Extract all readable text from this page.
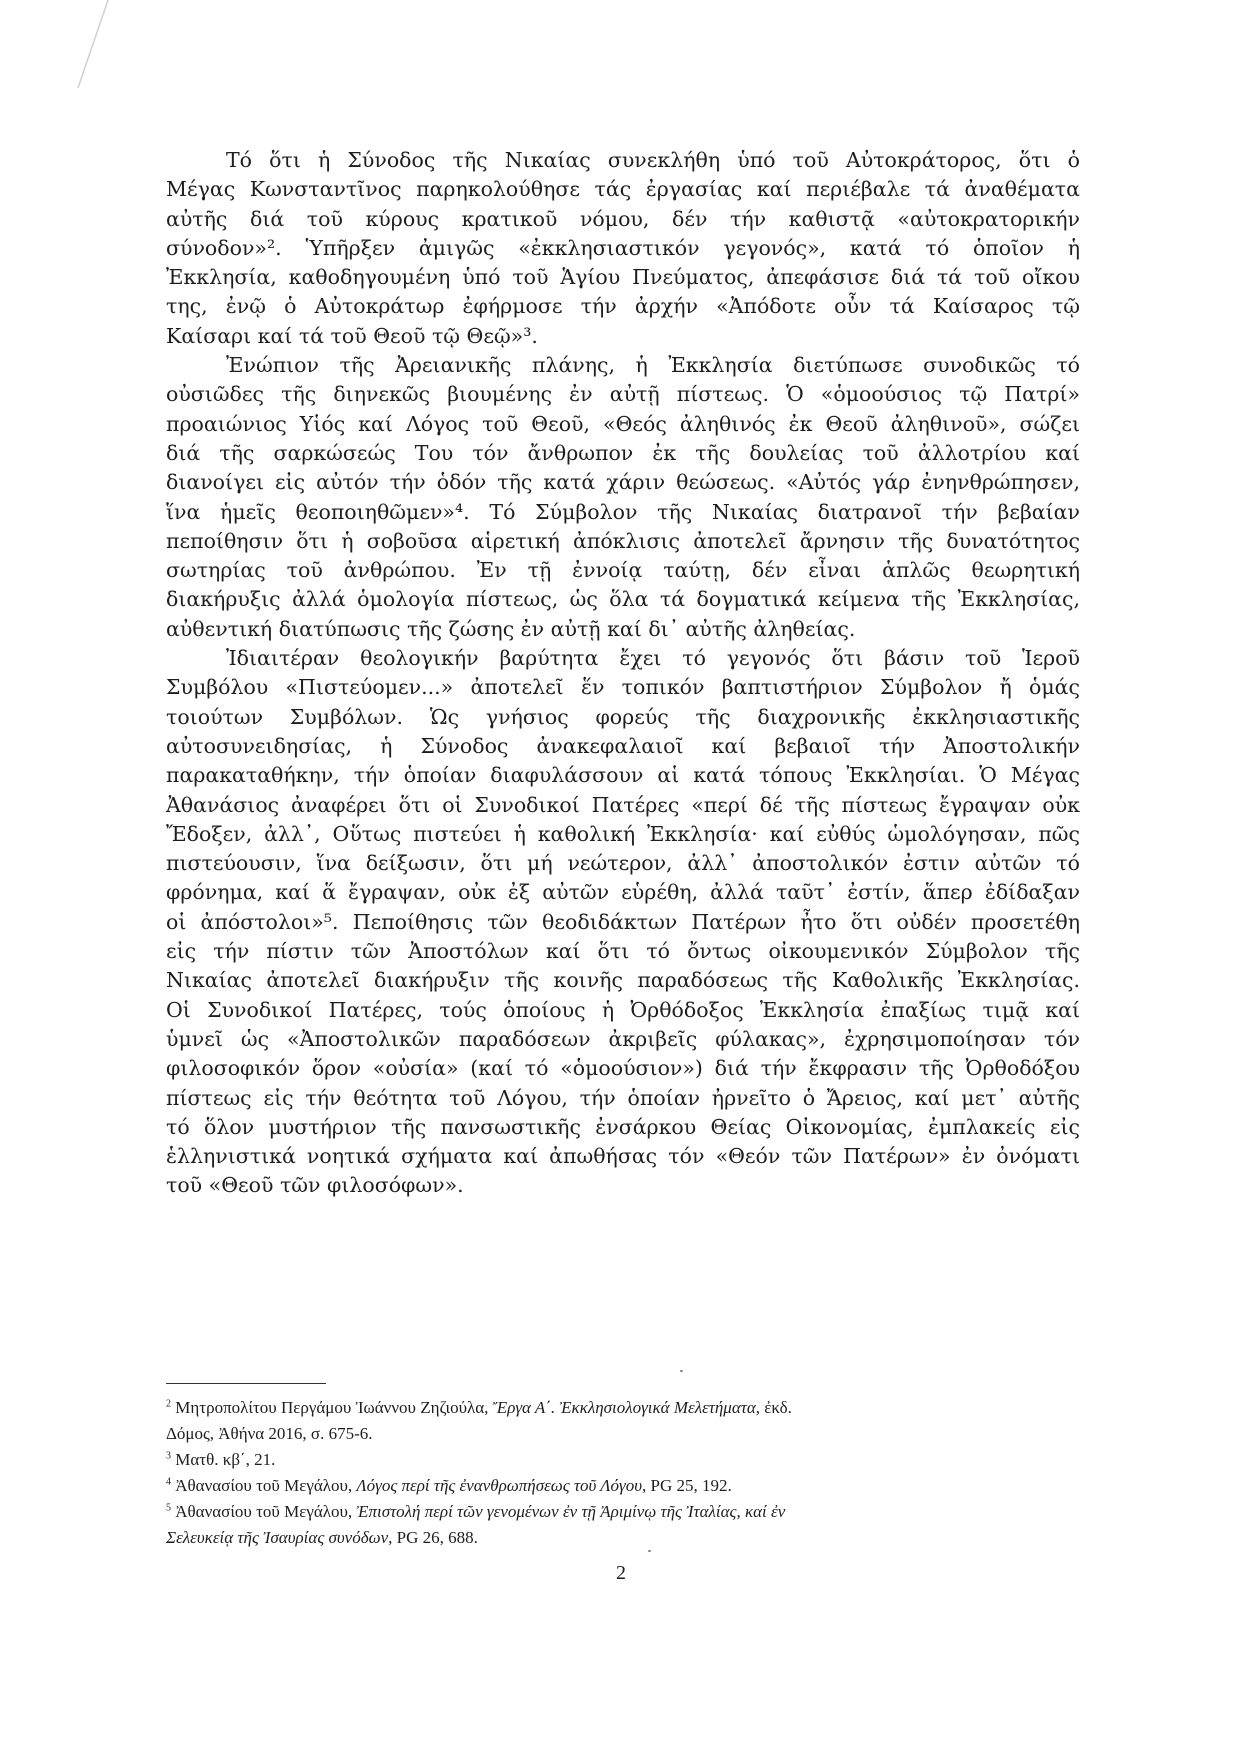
Τό ὅτι ἡ Σύνοδος τῆς Νικαίας συνεκλήθη ὑπό τοῦ Αὐτοκράτορος, ὅτι ὁ
Μέγας Κωνσταντῖνος παρηκολούθησε τάς ἐργασίας καί περιέβαλε τά ἀναθέματα
αὐτῆς διά τοῦ κύρους κρατικοῦ νόμου, δέν τήν καθιστᾷ «αὐτοκρατορικήν
σύνοδον»². Ὑπῆρξεν ἀμιγῶς «ἐκκλησιαστικόν γεγονός», κατά τό ὁποῖον ἡ
Ἐκκλησία, καθοδηγουμένη ὑπό τοῦ Ἁγίου Πνεύματος, ἀπεφάσισε διά τά τοῦ οἴκου
της, ἐνῷ ὁ Αὐτοκράτωρ ἐφήρμοσε τήν ἀρχήν «Ἀπόδοτε οὖν τά Καίσαρος τῷ
Καίσαρι καί τά τοῦ Θεοῦ τῷ Θεῷ»³.
Ἐνώπιον τῆς Ἀρειανικῆς πλάνης, ἡ Ἐκκλησία διετύπωσε συνοδικῶς τό
οὐσιῶδες τῆς διηνεκῶς βιουμένης ἐν αὐτῇ πίστεως. Ὁ «ὁμοούσιος τῷ Πατρί»
προαιώνιος Υἱός καί Λόγος τοῦ Θεοῦ, «Θεός ἀληθινός ἐκ Θεοῦ ἀληθινοῦ», σώζει
διά τῆς σαρκώσεώς Του τόν ἄνθρωπον ἐκ τῆς δουλείας τοῦ ἀλλοτρίου καί
διανοίγει εἰς αὐτόν τήν ὁδόν τῆς κατά χάριν θεώσεως. «Αὐτός γάρ ἐνηνθρώπησεν,
ἵνα ἡμεῖς θεοποιηθῶμεν»⁴. Τό Σύμβολον τῆς Νικαίας διατρανοῖ τήν βεβαίαν
πεποίθησιν ὅτι ἡ σοβοῦσα αἱρετική ἀπόκλισις ἀποτελεῖ ἄρνησιν τῆς δυνατότητος
σωτηρίας τοῦ ἀνθρώπου. Ἐν τῇ ἐννοίᾳ ταύτῃ, δέν εἶναι ἁπλῶς θεωρητική
διακήρυξις ἀλλά ὁμολογία πίστεως, ὡς ὅλα τά δογματικά κείμενα τῆς Ἐκκλησίας,
αὐθεντική διατύπωσις τῆς ζώσης ἐν αὐτῇ καί δι᾽ αὐτῆς ἀληθείας.
Ἰδιαιτέραν θεολογικήν βαρύτητα ἔχει τό γεγονός ὅτι βάσιν τοῦ Ἱεροῦ
Συμβόλου «Πιστεύομεν...» ἀποτελεῖ ἕν τοπικόν βαπτιστήριον Σύμβολον ἤ ὁμάς
τοιούτων Συμβόλων. Ὡς γνήσιος φορεύς τῆς διαχρονικῆς ἐκκλησιαστικῆς
αὐτοσυνειδησίας, ἡ Σύνοδος ἀνακεφαλαιοῖ καί βεβαιοῖ τήν Ἀποστολικήν
παρακαταθήκην, τήν ὁποίαν διαφυλάσσουν αἱ κατά τόπους Ἐκκλησίαι. Ὁ Μέγας
Ἀθανάσιος ἀναφέρει ὅτι οἱ Συνοδικοί Πατέρες «περί δέ τῆς πίστεως ἔγραψαν οὐκ
Ἔδοξεν, ἀλλ᾽, Οὕτως πιστεύει ἡ καθολική Ἐκκλησία· καί εὐθύς ὡμολόγησαν, πῶς
πιστεύουσιν, ἵνα δείξωσιν, ὅτι μή νεώτερον, ἀλλ᾽ ἀποστολικόν ἐστιν αὐτῶν τό
φρόνημα, καί ἅ ἔγραψαν, οὐκ ἐξ αὐτῶν εὑρέθη, ἀλλά ταῦτ᾽ ἐστίν, ἅπερ ἐδίδαξαν
οἱ ἀπόστολοι»⁵. Πεποίθησις τῶν θεοδιδάκτων Πατέρων ἦτο ὅτι οὐδέν προσετέθη
εἰς τήν πίστιν τῶν Ἀποστόλων καί ὅτι τό ὄντως οἰκουμενικόν Σύμβολον τῆς
Νικαίας ἀποτελεῖ διακήρυξιν τῆς κοινῆς παραδόσεως τῆς Καθολικῆς Ἐκκλησίας.
Οἱ Συνοδικοί Πατέρες, τούς ὁποίους ἡ Ὀρθόδοξος Ἐκκλησία ἐπαξίως τιμᾷ καί
ὑμνεῖ ὡς «Ἀποστολικῶν παραδόσεων ἀκριβεῖς φύλακας», ἐχρησιμοποίησαν τόν
φιλοσοφικόν ὅρον «οὐσία» (καί τό «ὁμοούσιον») διά τήν ἔκφρασιν τῆς Ὀρθοδόξου
πίστεως εἰς τήν θεότητα τοῦ Λόγου, τήν ὁποίαν ἠρνεῖτο ὁ Ἄρειος, καί μετ᾽ αὐτῆς
τό ὅλον μυστήριον τῆς πανσωστικῆς ἐνσάρκου Θείας Οἰκονομίας, ἐμπλακείς εἰς
ἑλληνιστικά νοητικά σχήματα καί ἀπωθήσας τόν «Θεόν τῶν Πατέρων» ἐν ὀνόματι
τοῦ «Θεοῦ τῶν φιλοσόφων».
$^2$ Μητροπολίτου Περγάμου Ἰωάννου Ζηζιούλα, Ἔργα Α΄. Ἐκκλησιολογικά Μελετήματα, ἐκδ.
Δόμος, Ἀθήνα 2016, σ. 675-6.
$^3$ Ματθ. κβ΄, 21.
$^4$ Ἀθανασίου τοῦ Μεγάλου, Λόγος περί τῆς ἐνανθρωπήσεως τοῦ Λόγου, PG 25, 192.
$^5$ Ἀθανασίου τοῦ Μεγάλου, Ἐπιστολή περί τῶν γενομένων ἐν τῇ Ἀριμίνῳ τῆς Ἰταλίας, καί ἐν
Σελευκείᾳ τῆς Ἰσαυρίας συνόδων, PG 26, 688.
2
